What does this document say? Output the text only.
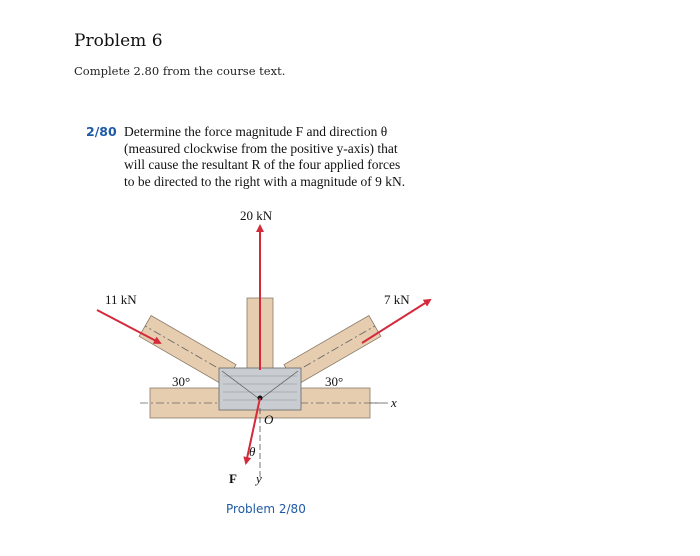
Problem 6
Complete 2.80 from the course text.
2/80 Determine the force magnitude F and direction θ
(measured clockwise from the positive y-axis) that
will cause the resultant R of the four applied forces
to be directed to the right with a magnitude of 9 kN.
20 kN
11 kN	7 kN
30°	30°
O
θ
F
x
y
Problem 2/80
